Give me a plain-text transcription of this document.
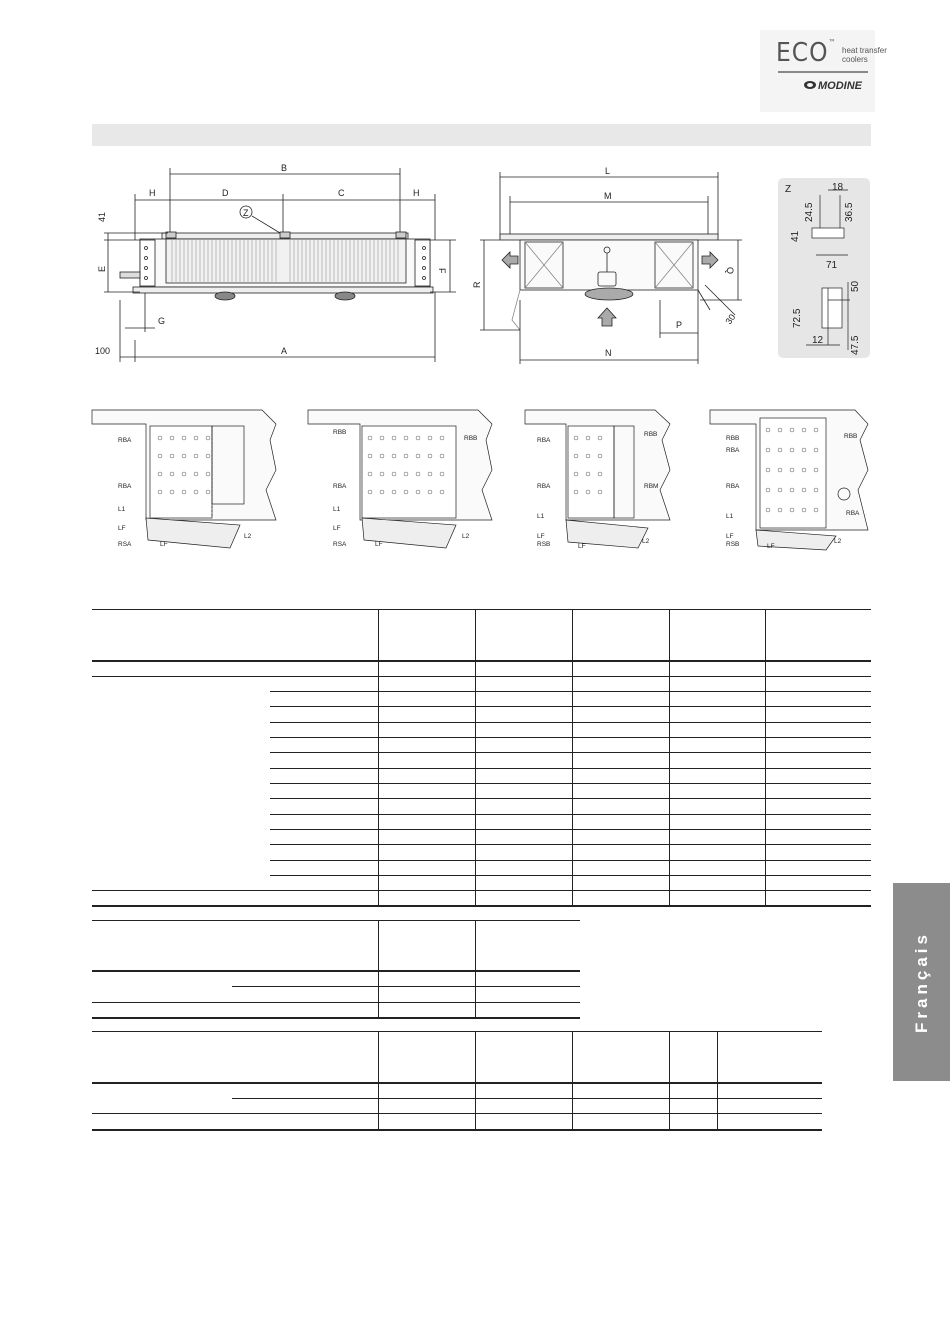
ECO™
heat transfer
coolers
MODINE
B
H	D	C	H
Z
41
E	F
G
A
100
L
M
R
Q
P
N
30
Z	18
24.5	36.5
41
71
72.5
50
12	47.5
RBA
RBA
L1
LF
RSA	LF
L2
RBB
RBB
RBA
L1
LF
RSA	LF
L2
RBA
RBB
RBA	RBM
L1
LF
RSB	LF
L2
RBB	RBB
RBA
RBA
RBA
L1
LF
RSB	LF
L2
Français
